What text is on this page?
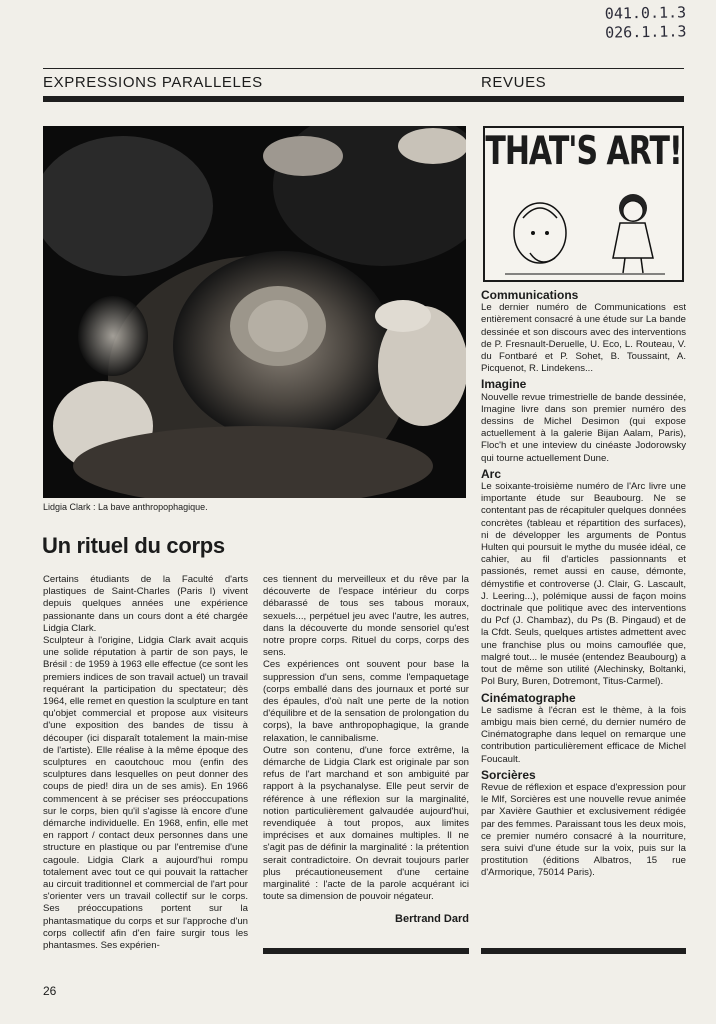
041.0.1.3
026.1.1.3
EXPRESSIONS PARALLELES	REVUES
Lidgia Clark : La bave anthropophagique.
THAT'S ART!
Un rituel du corps

Certains étudiants de la Faculté d'arts plastiques de Saint-Charles (Paris I) vivent depuis quelques années une expérience passionante dans un cours dont a été chargée Lidgia Clark.

Sculpteur à l'origine, Lidgia Clark avait acquis une solide réputation à partir de son pays, le Brésil : de 1959 à 1963 elle effectue (ce sont les premiers indices de son travail actuel) un travail requérant la participation du spectateur; dès 1964, elle remet en question la sculpture en tant qu'objet commercial et propose aux visiteurs d'une exposition des bandes de tissu à découper (ici disparaît totalement la main-mise de l'artiste). Elle réalise à la même époque des sculptures en caoutchouc mou (enfin des sculptures dans lesquelles on peut donner des coups de pied! dira un de ses amis). En 1966 commencent à se préciser ses préoccupations sur le corps, bien qu'il s'agisse là encore d'une démarche individuelle. En 1968, enfin, elle met en rapport / contact deux personnes dans une structure en plastique ou par l'entremise d'une cagoule. Lidgia Clark a aujourd'hui rompu totalement avec tout ce qui pouvait la rattacher au circuit traditionnel et commercial de l'art pour s'orienter vers un travail collectif sur le corps. Ses préoccupations portent sur la phantasmatique du corps et sur l'approche d'un corps collectif afin d'en faire surgir tous les phantasmes. Ses expérien-

ces tiennent du merveilleux et du rêve par la découverte de l'espace intérieur du corps débarassé de tous ses tabous moraux, sexuels..., perpétuel jeu avec l'autre, les autres, dans la découverte du monde sensoriel qu'est notre propre corps. Rituel du corps, corps des sens.

Ces expériences ont souvent pour base la suppression d'un sens, comme l'empaquetage (corps emballé dans des journaux et porté sur des épaules, d'où naît une perte de la notion d'équilibre et de la sensation de prolongation du corps), la bave anthropophagique, la grande relaxation, le cannibalisme.

Outre son contenu, d'une force extrême, la démarche de Lidgia Clark est originale par son refus de l'art marchand et son ambiguité par rapport à la psychanalyse. Elle peut servir de référence à une réflexion sur la marginalité, notion particulièrement galvaudée aujourd'hui, revendiquée à tout propos, aux limites imprécises et aux domaines multiples. Il ne s'agit pas de définir la marginalité : la prétention serait contradictoire. On devrait toujours parler plus précautioneusement d'une certaine marginalité : l'acte de la parole acquérant ici toute sa dimension de pouvoir négateur.

Bertrand Dard
Communications

Le dernier numéro de Communications est entièrement consacré à une étude sur La bande dessinée et son discours avec des interventions de P. Fresnault-Deruelle, U. Eco, L. Routeau, V. du Fontbaré et P. Sohet, B. Toussaint, A. Picquenot, R. Lindekens...

Imagine

Nouvelle revue trimestrielle de bande dessinée, Imagine livre dans son premier numéro des dessins de Michel Desimon (qui expose actuellement à la galerie Bijan Aalam, Paris), Floc'h et une inteview du cinéaste Jodorowsky qui tourne actuellement Dune.

Arc

Le soixante-troisième numéro de l'Arc livre une importante étude sur Beaubourg. Ne se contentant pas de récapituler quelques données concrètes (tableau et répartition des surfaces), ni de développer les arguments de Pontus Hulten qui poursuit le mythe du musée idéal, ce cahier, au fil d'articles passionnants et passionés, remet aussi en cause, démonte, démystifie et controverse (J. Clair, G. Lascault, J. Leering...), polémique aussi de façon moins doctrinale que politique avec des interventions du Pcf (J. Chambaz), du Ps (B. Pingaud) et de la Cfdt. Seuls, quelques artistes admettent avec une franchise plus ou moins camouflée que, malgré tout... le musée (entendez Beaubourg) a tout de même son utilité (Alechinsky, Boltanki, Pol Bury, Buren, Dotremont, Titus-Carmel).

Cinématographe

Le sadisme à l'écran est le thème, à la fois ambigu mais bien cerné, du dernier numéro de Cinématographe dans lequel on remarque une contribution particulièrement efficace de Michel Foucault.

Sorcières

Revue de réflexion et espace d'expression pour le Mlf, Sorcières est une nouvelle revue animée par Xavière Gauthier et exclusivement rédigée par des femmes. Paraissant tous les deux mois, ce premier numéro consacré à la nourriture, sera suivi d'une étude sur la voix, puis sur la prostitution (éditions Albatros, 15 rue d'Armorique, 75014 Paris).

26
